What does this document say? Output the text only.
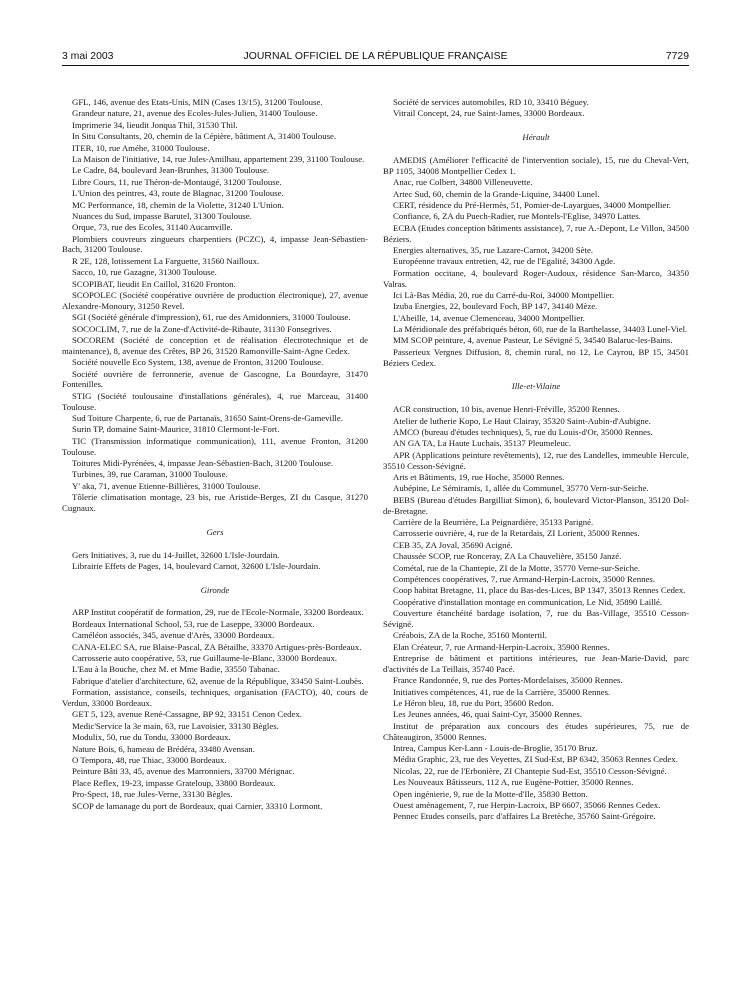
3 mai 2003	JOURNAL OFFICIEL DE LA RÉPUBLIQUE FRANÇAISE	7729

GFL, 146, avenue des Etats-Unis, MIN (Cases 13/15), 31200 Toulouse.

Grandeur nature, 21, avenue des Ecoles-Jules-Julien, 31400 Toulouse.

Imprimerie 34, lieudit Jonqua Thil, 31530 Thil.

In Situ Consultants, 20, chemin de la Cépière, bâtiment A, 31400 Toulouse.

ITER, 10, rue Améhe, 31000 Toulouse.

La Maison de l'initiative, 14, rue Jules-Amilhau, appartement 239, 31100 Toulouse.

Le Cadre, 84, boulevard Jean-Brunhes, 31300 Toulouse.

Libre Cours, 11, rue Théron-de-Montaugé, 31200 Toulouse.

L'Union des peintres, 43, route de Blagnac, 31200 Toulouse.

MC Performance, 18, chemin de la Violette, 31240 L'Union.

Nuances du Sud, impasse Barutel, 31300 Toulouse.

Orque, 73, rue des Ecoles, 31140 Aucamville.

Plombiers couvreurs zingueurs charpentiers (PCZC), 4, impasse Jean-Sébastien-Bach, 31200 Toulouse.

R 2E, 128, lotissement La Farguette, 31560 Nailloux.

Sacco, 10, rue Gazagne, 31300 Toulouse.

SCOPIBAT, lieudit En Caillol, 31620 Fronton.

SCOPOLEC (Société coopérative ouvrière de production électronique), 27, avenue Alexandre-Monoury, 31250 Revel.

SGI (Société générale d'impression), 61, rue des Amidonniers, 31000 Toulouse.

SOCOCLIM, 7, rue de la Zone-d'Activité-de-Ribaute, 31130 Fonsegrives.

SOCOREM (Société de conception et de réalisation électrotechnique et de maintenance), 8, avenue des Crêtes, BP 26, 31520 Ramonville-Saint-Agne Cedex.

Société nouvelle Eco System, 138, avenue de Fronton, 31200 Toulouse.

Société ouvrière de ferronnerie, avenue de Gascogne, La Bourdayre, 31470 Fontenilles.

STIG (Société toulousaine d'installations générales), 4, rue Marceau, 31400 Toulouse.

Sud Toiture Charpente, 6, rue de Partanaïs, 31650 Saint-Orens-de-Gameville.

Surin TP, domaine Saint-Maurice, 31810 Clermont-le-Fort.

TIC (Transmission informatique communication), 111, avenue Fronton, 31200 Toulouse.

Toitures Midi-Pyrénées, 4, impasse Jean-Sébastien-Bach, 31200 Toulouse.

Turbines, 39, rue Caraman, 31000 Toulouse.

Y' aka, 71, avenue Etienne-Billières, 31000 Toulouse.

Tôlerie climatisation montage, 23 bis, rue Aristide-Berges, ZI du Casque, 31270 Cugnaux.

Gers

Gers Initiatives, 3, rue du 14-Juillet, 32600 L'Isle-Jourdain.

Librairie Effets de Pages, 14, boulevard Carnot, 32600 L'Isle-Jourdain.

Gironde

ARP Institut coopératif de formation, 29, rue de l'Ecole-Normale, 33200 Bordeaux.

Bordeaux International School, 53, rue de Laseppe, 33000 Bordeaux.

Caméléon associés, 345, avenue d'Arès, 33000 Bordeaux.

CANA-ELEC SA, rue Blaise-Pascal, ZA Bétailhe, 33370 Artigues-près-Bordeaux.

Carrosserie auto coopérative, 53, rue Guillaume-le-Blanc, 33000 Bordeaux.

L'Eau à la Bouche, chez M. et Mme Badie, 33550 Tabanac.

Fabrique d'atelier d'architecture, 62, avenue de la République, 33450 Saint-Loubès.

Formation, assistance, conseils, techniques, organisation (FACTO), 40, cours de Verdun, 33000 Bordeaux.

GET 5, 123, avenue René-Cassagne, BP 92, 33151 Cenon Cedex.

Medic'Service la 3e main, 63, rue Lavoisier, 33130 Bègles.

Modulix, 50, rue du Tondu, 33000 Bordeaux.

Nature Bois, 6, hameau de Brédéra, 33480 Avensan.

O Tempora, 48, rue Thiac, 33000 Bordeaux.

Peinture Bâti 33, 45, avenue des Marronniers, 33700 Mérignac.

Place Reflex, 19-23, impasse Grateloup, 33800 Bordeaux.

Pro-Spect, 18, rue Jules-Verne, 33130 Bègles.

SCOP de lamanage du port de Bordeaux, quai Carnier, 33310 Lormont.

Société de services automobiles, RD 10, 33410 Béguey.

Vitrail Concept, 24, rue Saint-James, 33000 Bordeaux.

Hérault

AMEDIS (Améliorer l'efficacité de l'intervention sociale), 15, rue du Cheval-Vert, BP 1105, 34008 Montpellier Cedex 1.

Anac, rue Colbert, 34800 Villeneuvette.

Artec Sud, 60, chemin de la Grande-Liquine, 34400 Lunel.

CERT, résidence du Pré-Hermès, 51, Pomier-de-Layargues, 34000 Montpellier.

Confiance, 6, ZA du Puech-Radier, rue Montels-l'Eglise, 34970 Lattes.

ECBA (Etudes conception bâtiments assistance), 7, rue A.-Depont, Le Villon, 34500 Béziers.

Energies alternatives, 35, rue Lazare-Carnot, 34200 Sète.

Européenne travaux entretien, 42, rue de l'Egalité, 34300 Agde.

Formation occitane, 4, boulevard Roger-Audoux, résidence San-Marco, 34350 Valras.

Ici Là-Bas Média, 20, rue du Carré-du-Roi, 34000 Montpellier.

Izuba Energies, 22, boulevard Foch, BP 147, 34140 Mèze.

L'Abeille, 14, avenue Clemenceau, 34000 Montpellier.

La Méridionale des préfabriqués béton, 60, rue de la Barthelasse, 34403 Lunel-Viel.

MM SCOP peinture, 4, avenue Pasteur, Le Sévigné 5, 34540 Balaruc-les-Bains.

Passerieux Vergnes Diffusion, 8, chemin rural, no 12, Le Cayrou, BP 15, 34501 Béziers Cedex.

Ille-et-Vilaine

ACR construction, 10 bis, avenue Henri-Fréville, 35200 Rennes.

Atelier de lutherie Kopo, Le Haut Clairay, 35320 Saint-Aubin-d'Aubigne.

AMCO (bureau d'études techniques), 5, rue du Louis-d'Or, 35000 Rennes.

AN GA TA, La Haute Luchais, 35137 Pleumeleuc.

APR (Applications peinture revêtements), 12, rue des Landelles, immeuble Hercule, 35510 Cesson-Sévigné.

Arts et Bâtiments, 19, rue Hoche, 35000 Rennes.

Aubépine, Le Sémiramis, 1, allée du Communel, 35770 Vern-sur-Seiche.

BEBS (Bureau d'études Bargilliat Simon), 6, boulevard Victor-Planson, 35120 Dol-de-Bretagne.

Carrière de la Beurrière, La Peignardière, 35133 Parigné.

Carrosserie ouvrière, 4, rue de la Retardais, ZI Lorient, 35000 Rennes.

CEB 35, ZA Joval, 35690 Acigné.

Chaussée SCOP, rue Ronceray, ZA La Chauvelière, 35150 Janzé.

Cométal, rue de la Chantepie, ZI de la Motte, 35770 Verne-sur-Seiche.

Compétences coopératives, 7, rue Armand-Herpin-Lacroix, 35000 Rennes.

Coop habitat Bretagne, 11, place du Bas-des-Lices, BP 1347, 35013 Rennes Cedex.

Coopérative d'installation montage en communication, Le Nid, 35890 Laillé.

Couverture étanchéité bardage isolation, 7, rue du Bas-Village, 35510 Cesson-Sévigné.

Créabois, ZA de la Roche, 35160 Montertil.

Elan Créateur, 7, rue Armand-Herpin-Lacroix, 35900 Rennes.

Entreprise de bâtiment et partitions intérieures, rue Jean-Marie-David, parc d'activités de La Teillais, 35740 Pacé.

France Randonnée, 9, rue des Portes-Mordelaises, 35000 Rennes.

Initiatives compétences, 41, rue de la Carrière, 35000 Rennes.

Le Héron bleu, 18, rue du Port, 35600 Redon.

Les Jeunes années, 46, quai Saint-Cyr, 35000 Rennes.

Institut de préparation aux concours des études supérieures, 75, rue de Châteaugiron, 35000 Rennes.

Intrea, Campus Ker-Lann - Louis-de-Broglie, 35170 Bruz.

Média Graphic, 23, rue des Veyettes, ZI Sud-Est, BP 6342, 35063 Rennes Cedex.

Nicolas, 22, rue de l'Erbonière, ZI Chantepie Sud-Est, 35510 Cesson-Sévigné.

Les Nouveaux Bâtisseurs, 112 A, rue Eugène-Pottier, 35000 Rennes.

Open ingénierie, 9, rue de la Motte-d'Ile, 35830 Betton.

Ouest aménagement, 7, rue Herpin-Lacroix, BP 6607, 35066 Rennes Cedex.

Pennec Etudes conseils, parc d'affaires La Bretèche, 35760 Saint-Grégoire.
